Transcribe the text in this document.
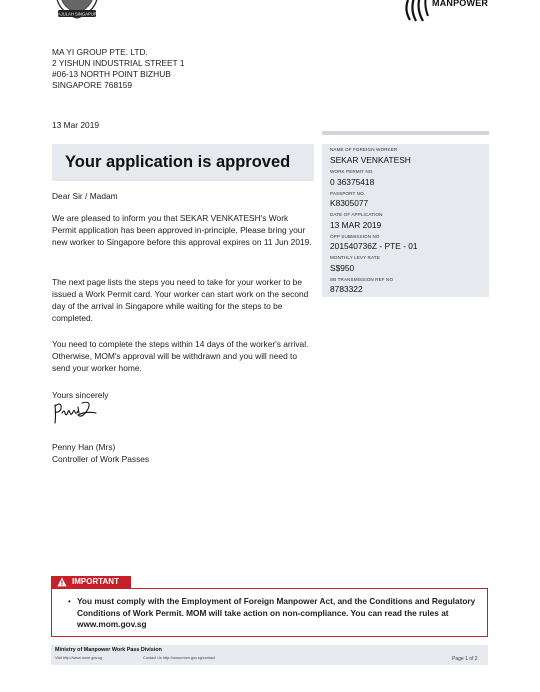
MAJULAH SINGAPURA
MANPOWER
MA YI GROUP PTE. LTD.
2 YISHUN INDUSTRIAL STREET 1
#06-13 NORTH POINT BIZHUB
SINGAPORE 768159
13 Mar 2019
Your application is approved
NAME OF FOREIGN WORKER
SEKAR VENKATESH
WORK PERMIT NO.
0 36375418
PASSPORT NO.
K8305077
DATE OF APPLICATION
13 MAR 2019
OPP SUBMISSION NO
201540736Z - PTE - 01
MONTHLY LEVY RATE
S$950
SB TRANSMISSION REF NO
8783322
Dear Sir / Madam
We are pleased to inform you that SEKAR VENKATESH's Work Permit application has been approved in-principle. Please bring your new worker to Singapore before this approval expires on 11 Jun 2019.
The next page lists the steps you need to take for your worker to be issued a Work Permit card. Your worker can start work on the second day of the arrival in Singapore while waiting for the steps to be completed.
You need to complete the steps within 14 days of the worker's arrival. Otherwise, MOM's approval will be withdrawn and you will need to send your worker home.
Yours sincerely
Penny Han (Mrs)
Controller of Work Passes
IMPORTANT
• You must comply with the Employment of Foreign Manpower Act, and the Conditions and Regulatory Conditions of Work Permit. MOM will take action on non-compliance. You can read the rules at www.mom.gov.sg
Ministry of Manpower Work Pass Division
Visit http://www.mom.gov.sg	Contact Us http://www.mom.gov.sg/contact	Page 1 of 2
